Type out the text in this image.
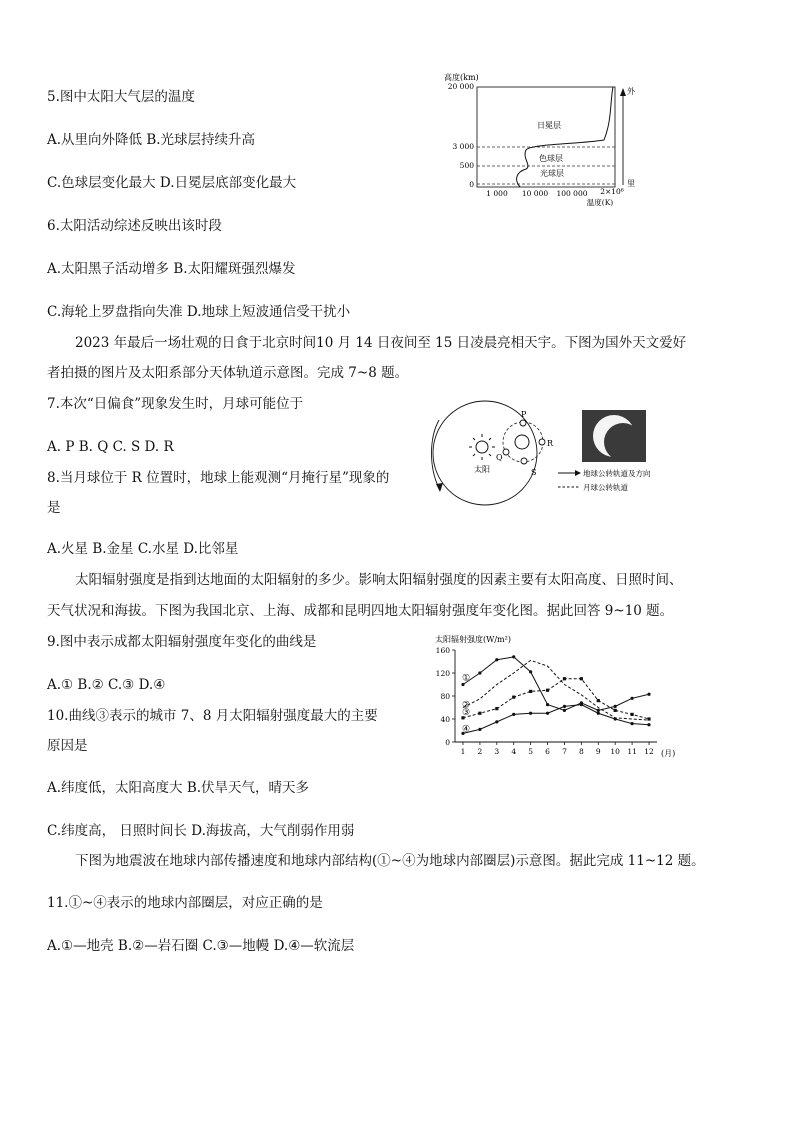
5.图中太阳大气层的温度
A.从里向外降低 B.光球层持续升高
C.色球层变化最大 D.日冕层底部变化最大
高度(km)
20 000
3 000
500
0
日冕层
色球层
光球层
1 000 10 000 100 000 2×10⁶
温度(K)
外
里
6.太阳活动综述反映出该时段
A.太阳黑子活动增多 B.太阳耀斑强烈爆发
C.海轮上罗盘指向失准 D.地球上短波通信受干扰小
2023 年最后一场壮观的日食于北京时间10 月 14 日夜间至 15 日凌晨亮相天宇。下图为国外天文爱好
者拍摄的图片及太阳系部分天体轨道示意图。完成 7~8 题。
7.本次“日偏食”现象发生时，月球可能位于
A. P B. Q C. S D. R
太阳
P
Q
R
S	地球公转轨道及方向
月球公转轨道
8.当月球位于 R 位置时，地球上能观测“月掩行星”现象的
是
A.火星 B.金星 C.水星 D.比邻星
太阳辐射强度是指到达地面的太阳辐射的多少。影响太阳辐射强度的因素主要有太阳高度、日照时间、
天气状况和海拔。下图为我国北京、上海、成都和昆明四地太阳辐射强度年变化图。据此回答 9~10 题。
9.图中表示成都太阳辐射强度年变化的曲线是
A.① B.② C.③ D.④
太阳辐射强度(W/m²)
0
40
80
120
160
1 2 3 4 5 6 7 8 9 10 11 12
①
②
③
④
(月)
10.曲线③表示的城市 7、8 月太阳辐射强度最大的主要
原因是
A.纬度低，太阳高度大 B.伏旱天气，晴天多
C.纬度高， 日照时间长 D.海拔高，大气削弱作用弱
下图为地震波在地球内部传播速度和地球内部结构(①~④为地球内部圈层)示意图。据此完成 11~12 题。
11.①~④表示的地球内部圈层，对应正确的是
A.①—地壳 B.②—岩石圈 C.③—地幔 D.④—软流层
